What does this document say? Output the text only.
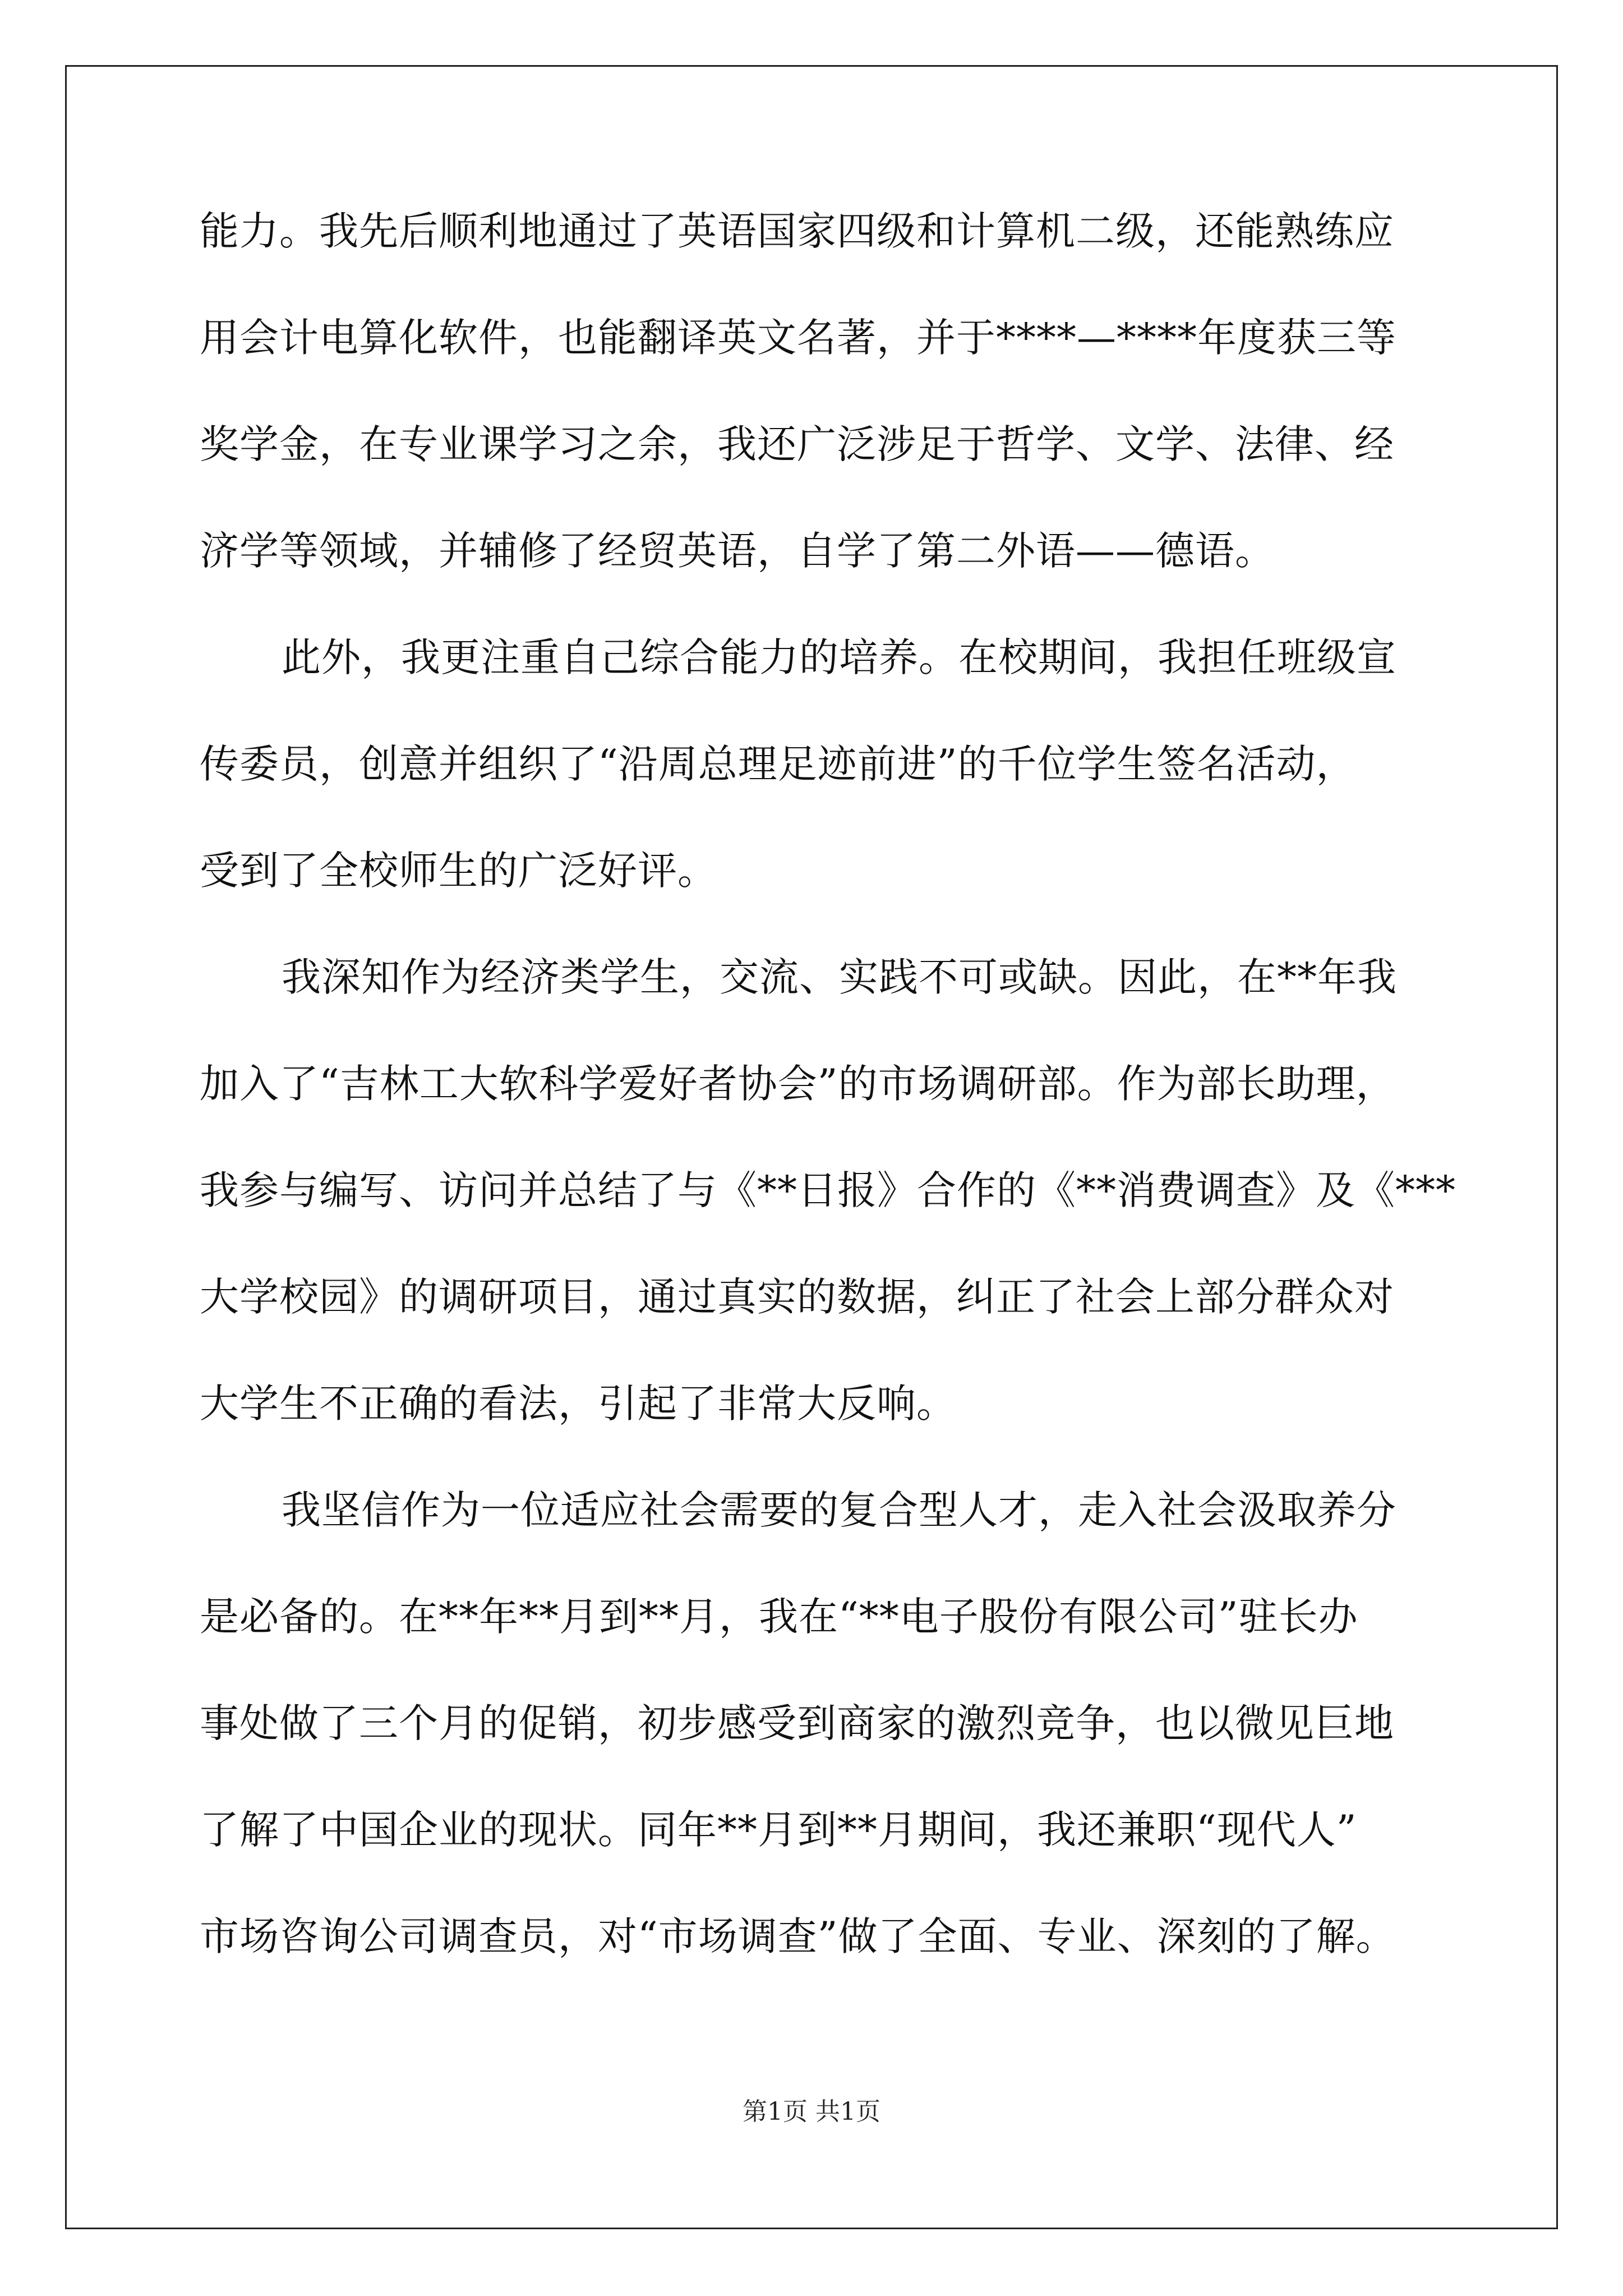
能力。我先后顺利地通过了英语国家四级和计算机二级，还能熟练应
用会计电算化软件，也能翻译英文名著，并于****—****年度获三等
奖学金，在专业课学习之余，我还广泛涉足于哲学、文学、法律、经
济学等领域，并辅修了经贸英语，自学了第二外语——德语。
此外，我更注重自己综合能力的培养。在校期间，我担任班级宣
传委员，创意并组织了“沿周总理足迹前进”的千位学生签名活动，
受到了全校师生的广泛好评。
我深知作为经济类学生，交流、实践不可或缺。因此，在**年我
加入了“吉林工大软科学爱好者协会”的市场调研部。作为部长助理，
我参与编写、访问并总结了与《**日报》合作的《**消费调查》及《***
大学校园》的调研项目，通过真实的数据，纠正了社会上部分群众对
大学生不正确的看法，引起了非常大反响。
我坚信作为一位适应社会需要的复合型人才，走入社会汲取养分
是必备的。在**年**月到**月，我在“**电子股份有限公司”驻长办
事处做了三个月的促销，初步感受到商家的激烈竞争，也以微见巨地
了解了中国企业的现状。同年**月到**月期间，我还兼职“现代人”
市场咨询公司调查员，对“市场调查”做了全面、专业、深刻的了解。
第1页 共1页
